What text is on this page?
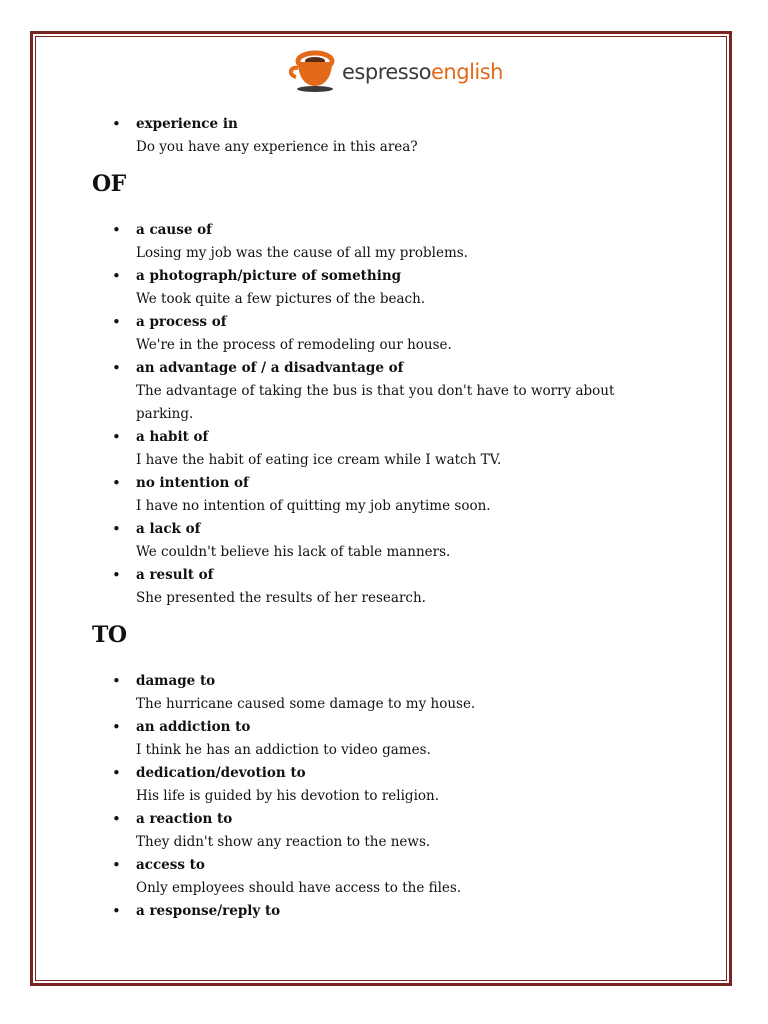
espressoenglish
• experience in
Do you have any experience in this area?
OF
• a cause of
Losing my job was the cause of all my problems.
• a photograph/picture of something
We took quite a few pictures of the beach.
• a process of
We're in the process of remodeling our house.
• an advantage of / a disadvantage of
The advantage of taking the bus is that you don't have to worry about parking.
• a habit of
I have the habit of eating ice cream while I watch TV.
• no intention of
I have no intention of quitting my job anytime soon.
• a lack of
We couldn't believe his lack of table manners.
• a result of
She presented the results of her research.
TO
• damage to
The hurricane caused some damage to my house.
• an addiction to
I think he has an addiction to video games.
• dedication/devotion to
His life is guided by his devotion to religion.
• a reaction to
They didn't show any reaction to the news.
• access to
Only employees should have access to the files.
• a response/reply to
